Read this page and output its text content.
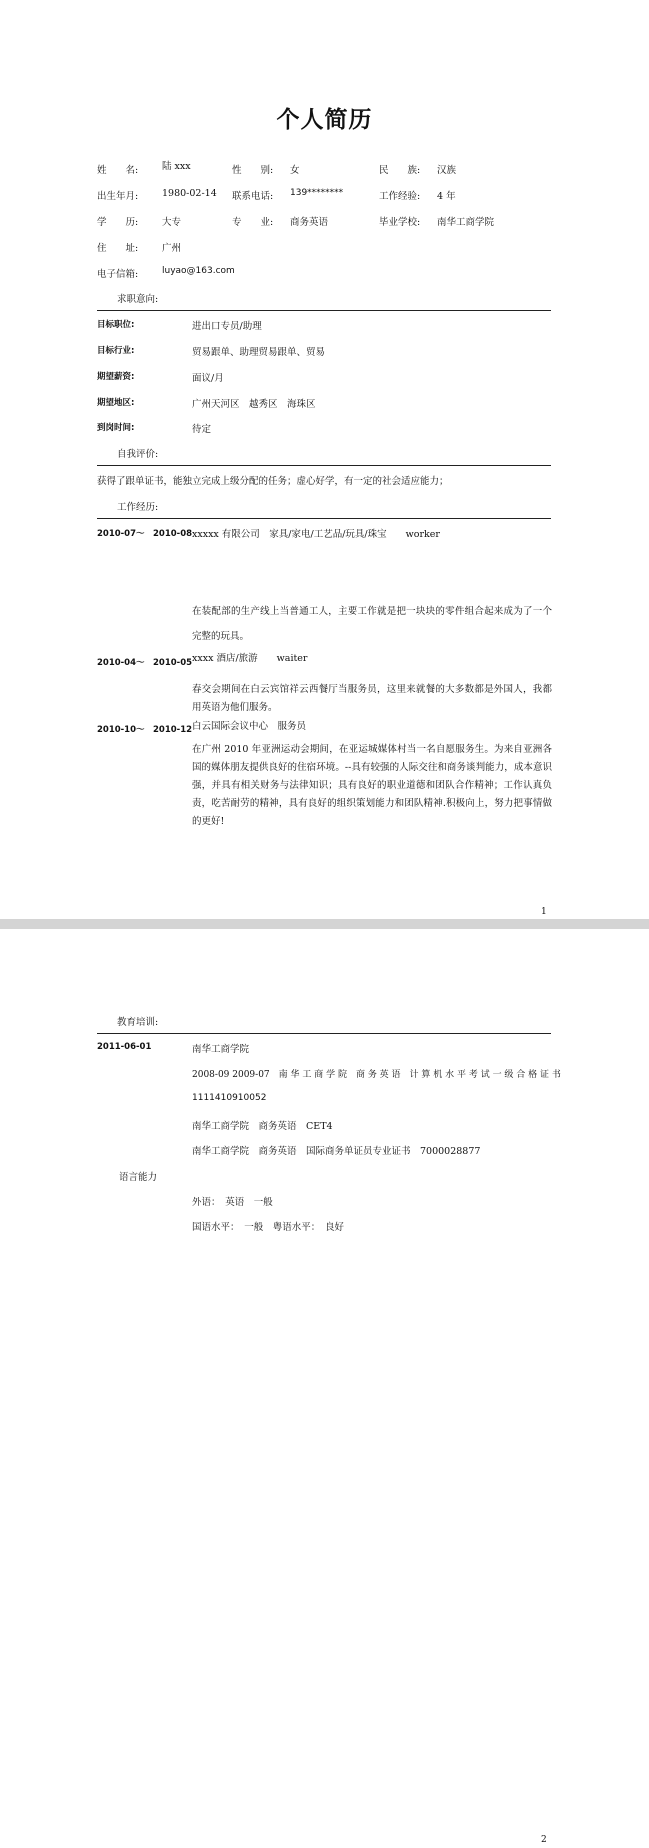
个人简历
姓　　名:	陆 xxx	性　　别: 女	民　　族: 汉族
出生年月:	1980-02-14 联系电话: 139********	工作经验: 4 年
学　　历:	大专	专　　业: 商务英语	毕业学校: 南华工商学院
住　　址:	广州
电子信箱:	luyao@163.com
求职意向:
目标职位:	进出口专员/助理
目标行业:	贸易跟单、助理贸易跟单、贸易
期望薪资:	面议/月
期望地区:	广州天河区　越秀区　海珠区
到岗时间:	待定
自我评价:
获得了跟单证书，能独立完成上级分配的任务；虚心好学，有一定的社会适应能力；
工作经历:
2010-07～　2010-08 xxxxx 有限公司　家具/家电/工艺品/玩具/珠宝　　worker
在装配部的生产线上当普通工人，主要工作就是把一块块的零件组合起来成为了一个完整的玩具。
2010-04～　2010-05 xxxx 酒店/旅游　　waiter
春交会期间在白云宾馆祥云西餐厅当服务员，这里来就餐的大多数都是外国人，我都用英语为他们服务。
2010-10～　2010-12 白云国际会议中心　服务员
在广州 2010 年亚洲运动会期间，在亚运城媒体村当一名自愿服务生。为来自亚洲各国的媒体朋友提供良好的住宿环境。--具有较强的人际交往和商务谈判能力，成本意识强，并具有相关财务与法律知识；具有良好的职业道德和团队合作精神；工作认真负责，吃苦耐劳的精神，具有良好的组织策划能力和团队精神.积极向上，努力把事情做的更好!
1
教育培训:
2011-06-01	南华工商学院
2008-09 2009-07　南 华 工 商 学 院　商 务 英 语　计 算 机 水 平 考 试 一 级 合 格 证 书
1111410910052
南华工商学院　商务英语　CET4
南华工商学院　商务英语　国际商务单证员专业证书　7000028877
语言能力
外语：　英语　一般
国语水平：　一般　粤语水平：　良好
2
